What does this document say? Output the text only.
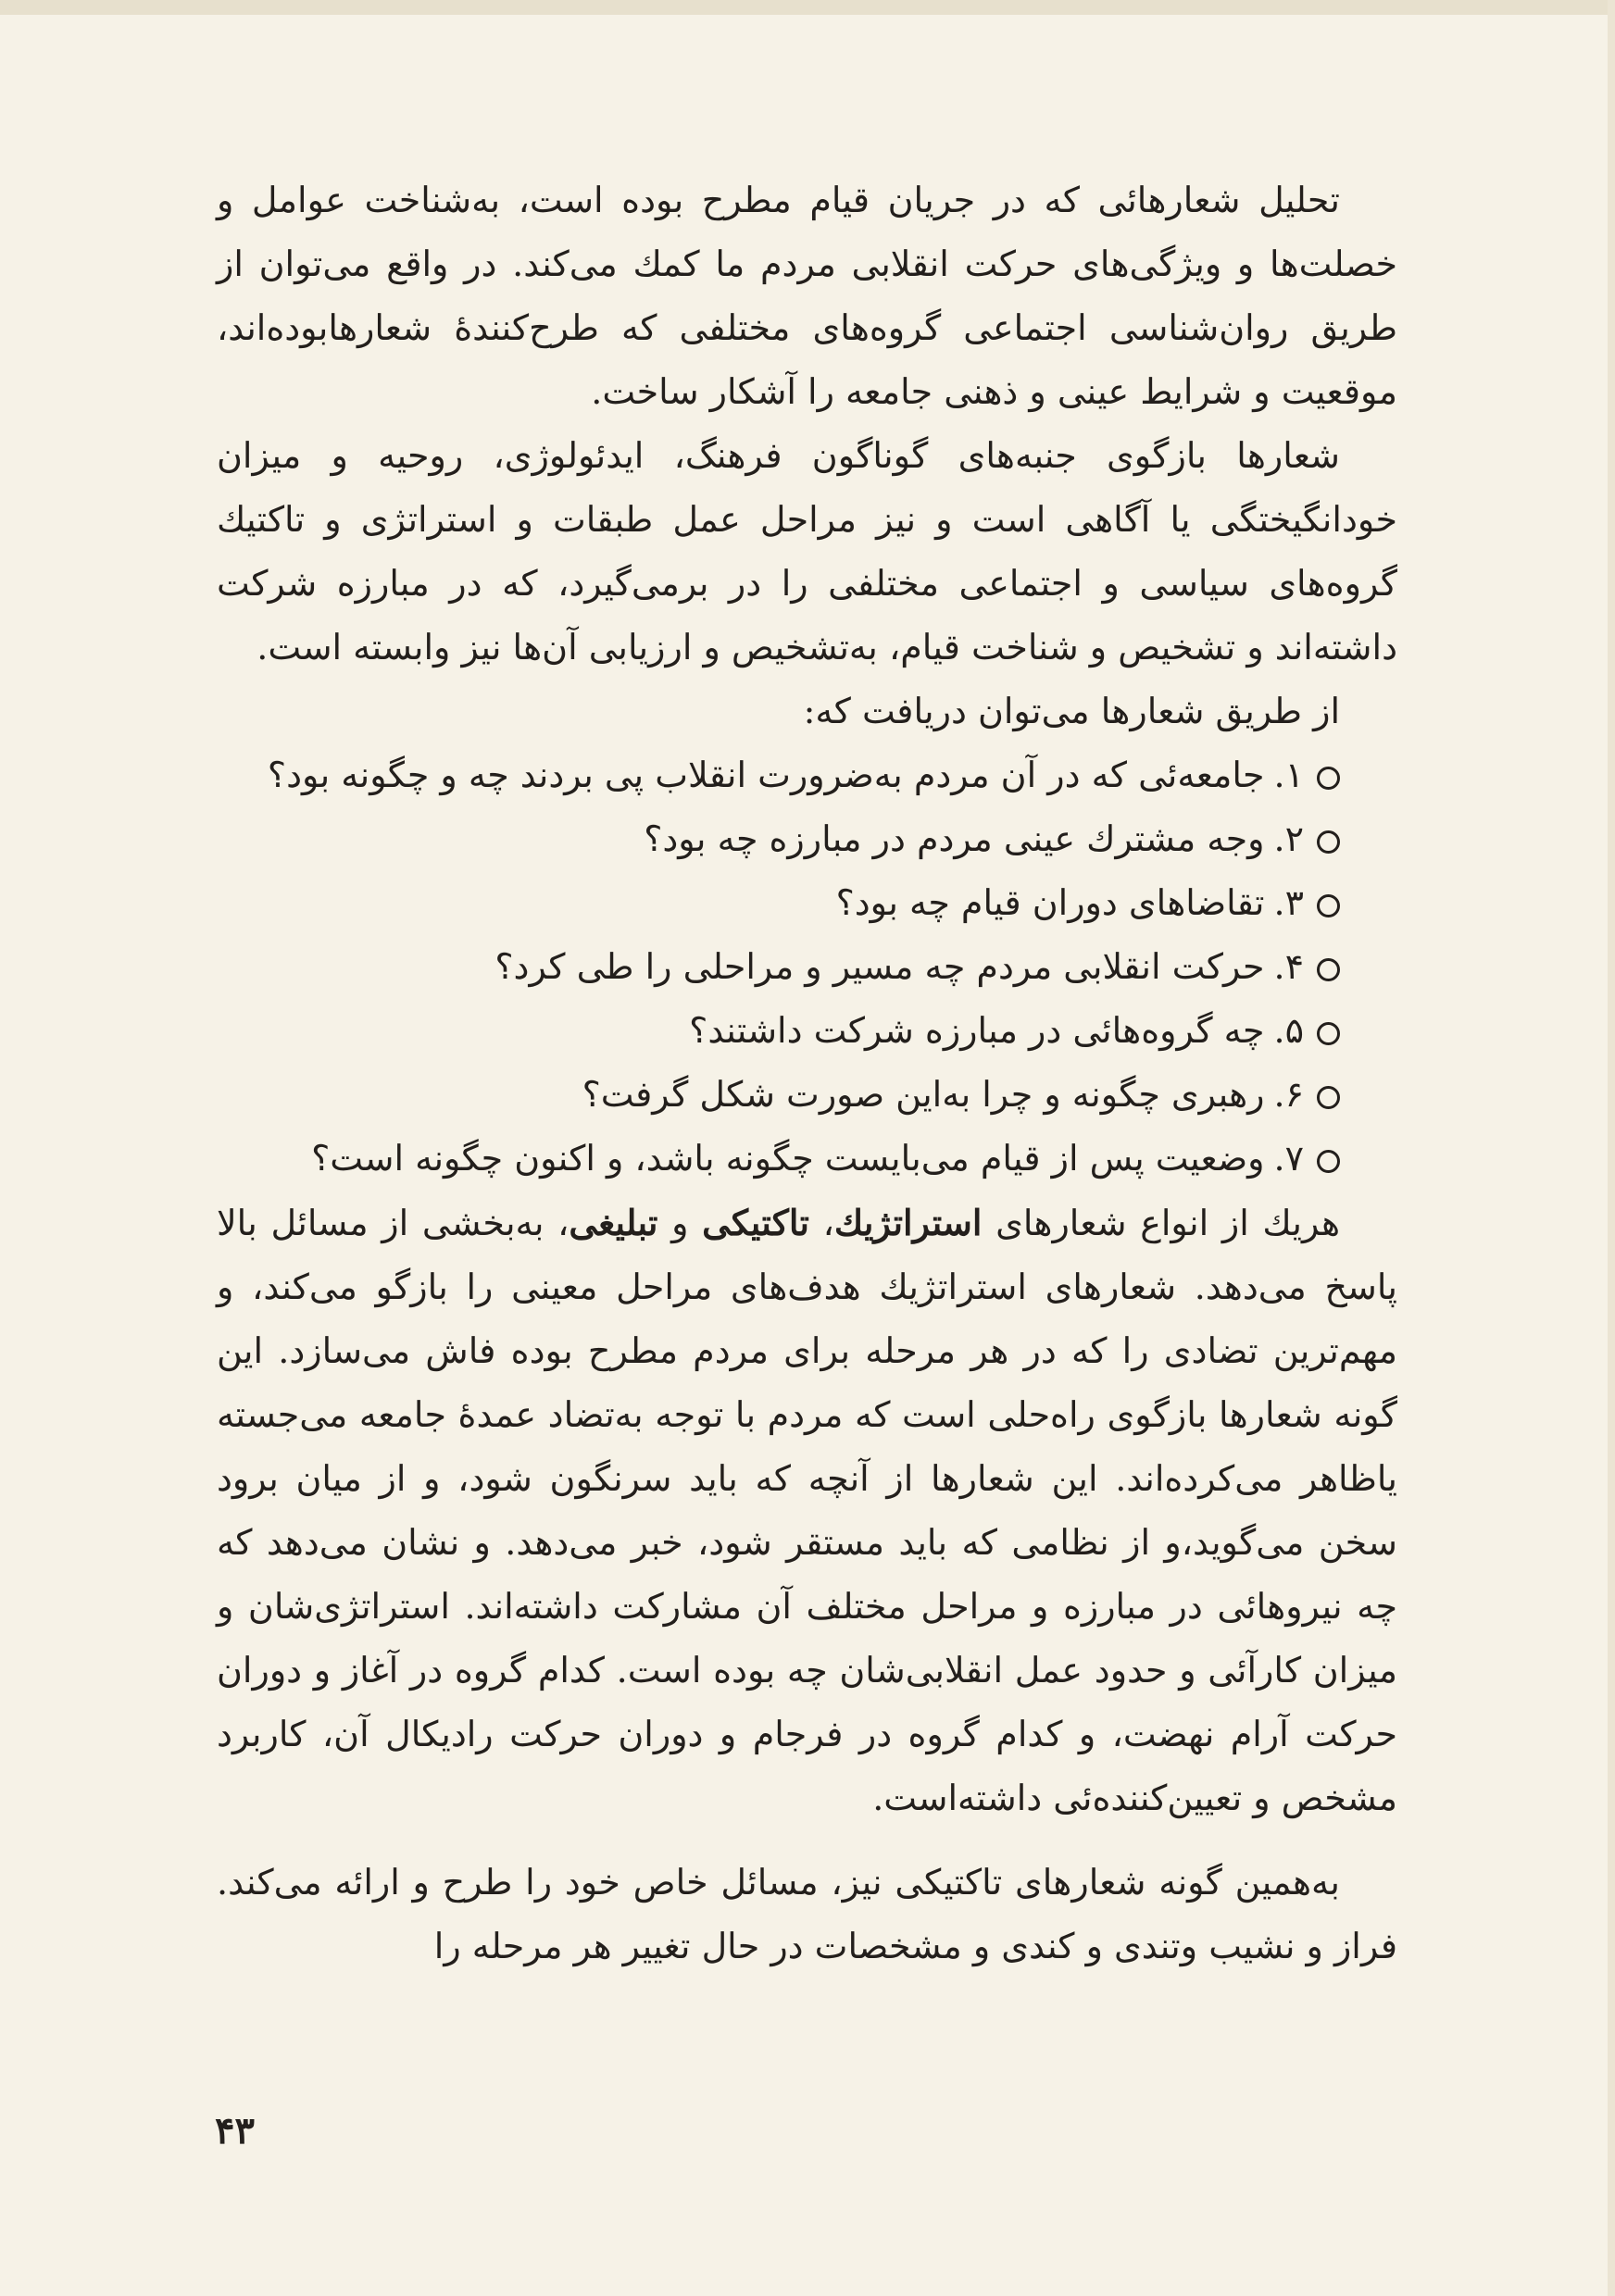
تحلیل شعارهائی که در جریان قیام مطرح بوده است، به‌شناخت عوامل و خصلت‌ها و ویژگی‌های حرکت انقلابی مردم ما کمك می‌کند. در واقع می‌توان از طریق روان‌شناسی اجتماعی گروه‌های مختلفی که طرح‌کنندهٔ شعارهابوده‌اند، موقعیت و شرایط عینی و ذهنی جامعه را آشکار ساخت.

شعارها بازگوی جنبه‌های گوناگون فرهنگ، ایدئولوژی، روحیه و میزان خودانگیختگی یا آگاهی است و نیز مراحل عمل طبقات و استراتژی و تاکتیك گروه‌های سیاسی و اجتماعی مختلفی را در برمی‌گیرد، که در مبارزه شرکت داشته‌اند و تشخیص و شناخت قیام، به‌تشخیص و ارزیابی آن‌ها نیز وابسته است.

از طریق شعارها می‌توان دریافت که:

۱.جامعه‌ئی که در آن مردم به‌ضرورت انقلاب پی بردند چه و چگونه بود؟
۲.وجه مشترك عینی مردم در مبارزه چه بود؟
۳.تقاضاهای دوران قیام چه بود؟
۴.حرکت انقلابی مردم چه مسیر و مراحلی را طی کرد؟
۵.چه گروه‌هائی در مبارزه شرکت داشتند؟
۶.رهبری چگونه و چرا به‌این صورت شکل گرفت؟
۷.وضعیت پس از قیام می‌بایست چگونه باشد، و اکنون چگونه است؟

هریك از انواع شعارهای استراتژیك، تاکتیکی و تبلیغی، به‌بخشی از مسائل بالا پاسخ می‌دهد. شعارهای استراتژیك هدف‌های مراحل معینی را بازگو می‌کند، و مهم‌ترین تضادی را که در هر مرحله برای مردم مطرح بوده فاش می‌سازد. این گونه شعارها بازگوی راه‌حلی است که مردم با توجه به‌تضاد عمدهٔ جامعه می‌جسته یاظاهر می‌کرده‌اند. این شعارها از آنچه که باید سرنگون شود، و از میان برود سخن می‌گوید،و از نظامی که باید مستقر شود، خبر می‌دهد. و نشان می‌دهد که چه نیروهائی در مبارزه و مراحل مختلف آن مشارکت داشته‌اند. استراتژی‌شان و میزان کارآئی و حدود عمل انقلابی‌شان چه بوده است. کدام گروه در آغاز و دوران حرکت آرام نهضت، و کدام گروه در فرجام و دوران حرکت رادیکال آن، کاربرد مشخص و تعیین‌کننده‌ئی داشته‌است.

به‌همین گونه شعارهای تاکتیکی نیز، مسائل خاص خود را طرح و ارائه می‌کند. فراز و نشیب وتندی و کندی و مشخصات در حال تغییر هر مرحله را

۴۳
